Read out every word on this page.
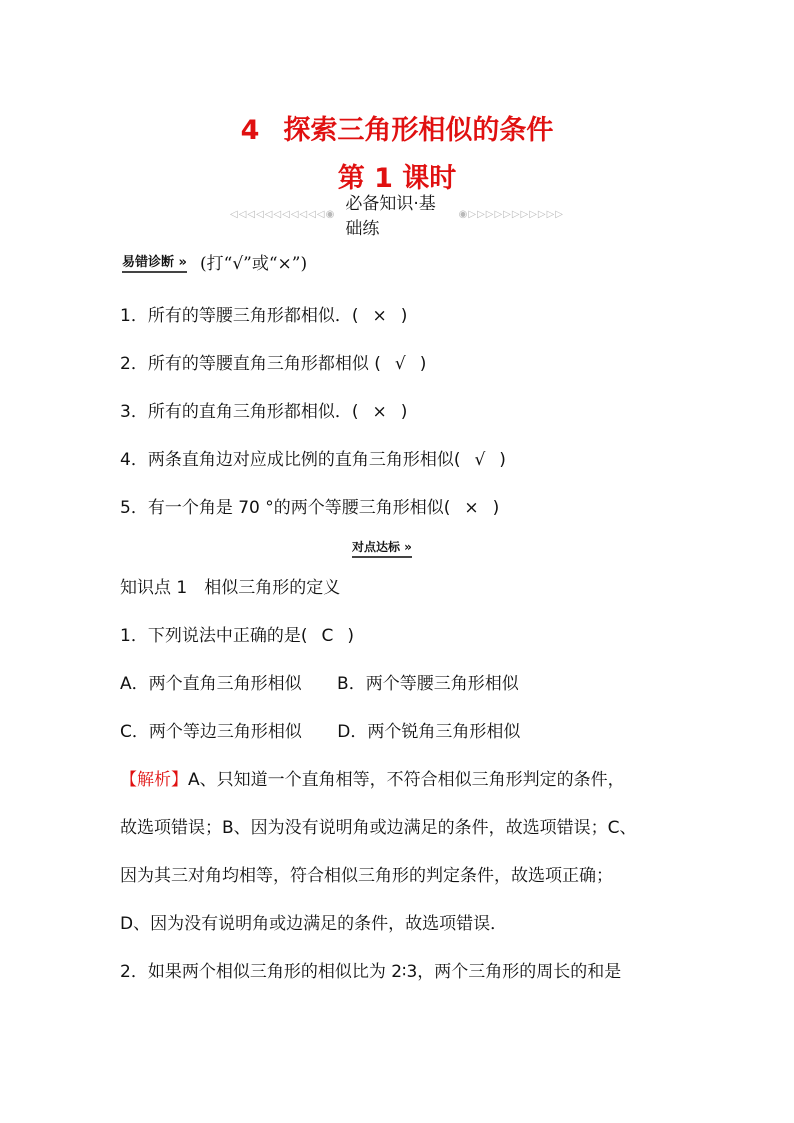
4 探索三角形相似的条件
第 1 课时
◁◁◁◁◁◁◁◁◁◁◁◉ 必备知识·基础练
◉▷▷▷▷▷▷▷▷▷▷▷
易错诊断 » (打“√”或“×”)
1．所有的等腰三角形都相似．( × )
2．所有的等腰直角三角形都相似 ( √ )
3．所有的直角三角形都相似．( × )
4．两条直角边对应成比例的直角三角形相似( √ )
5．有一个角是 70 °的两个等腰三角形相似( × )
对点达标 »
知识点 1　相似三角形的定义
1．下列说法中正确的是( C )
A．两个直角三角形相似 B．两个等腰三角形相似
C．两个等边三角形相似 D．两个锐角三角形相似
【解析】A、只知道一个直角相等，不符合相似三角形判定的条件，
故选项错误；B、因为没有说明角或边满足的条件，故选项错误；C、
因为其三对角均相等，符合相似三角形的判定条件，故选项正确；
D、因为没有说明角或边满足的条件，故选项错误．
2．如果两个相似三角形的相似比为 2∶3，两个三角形的周长的和是
